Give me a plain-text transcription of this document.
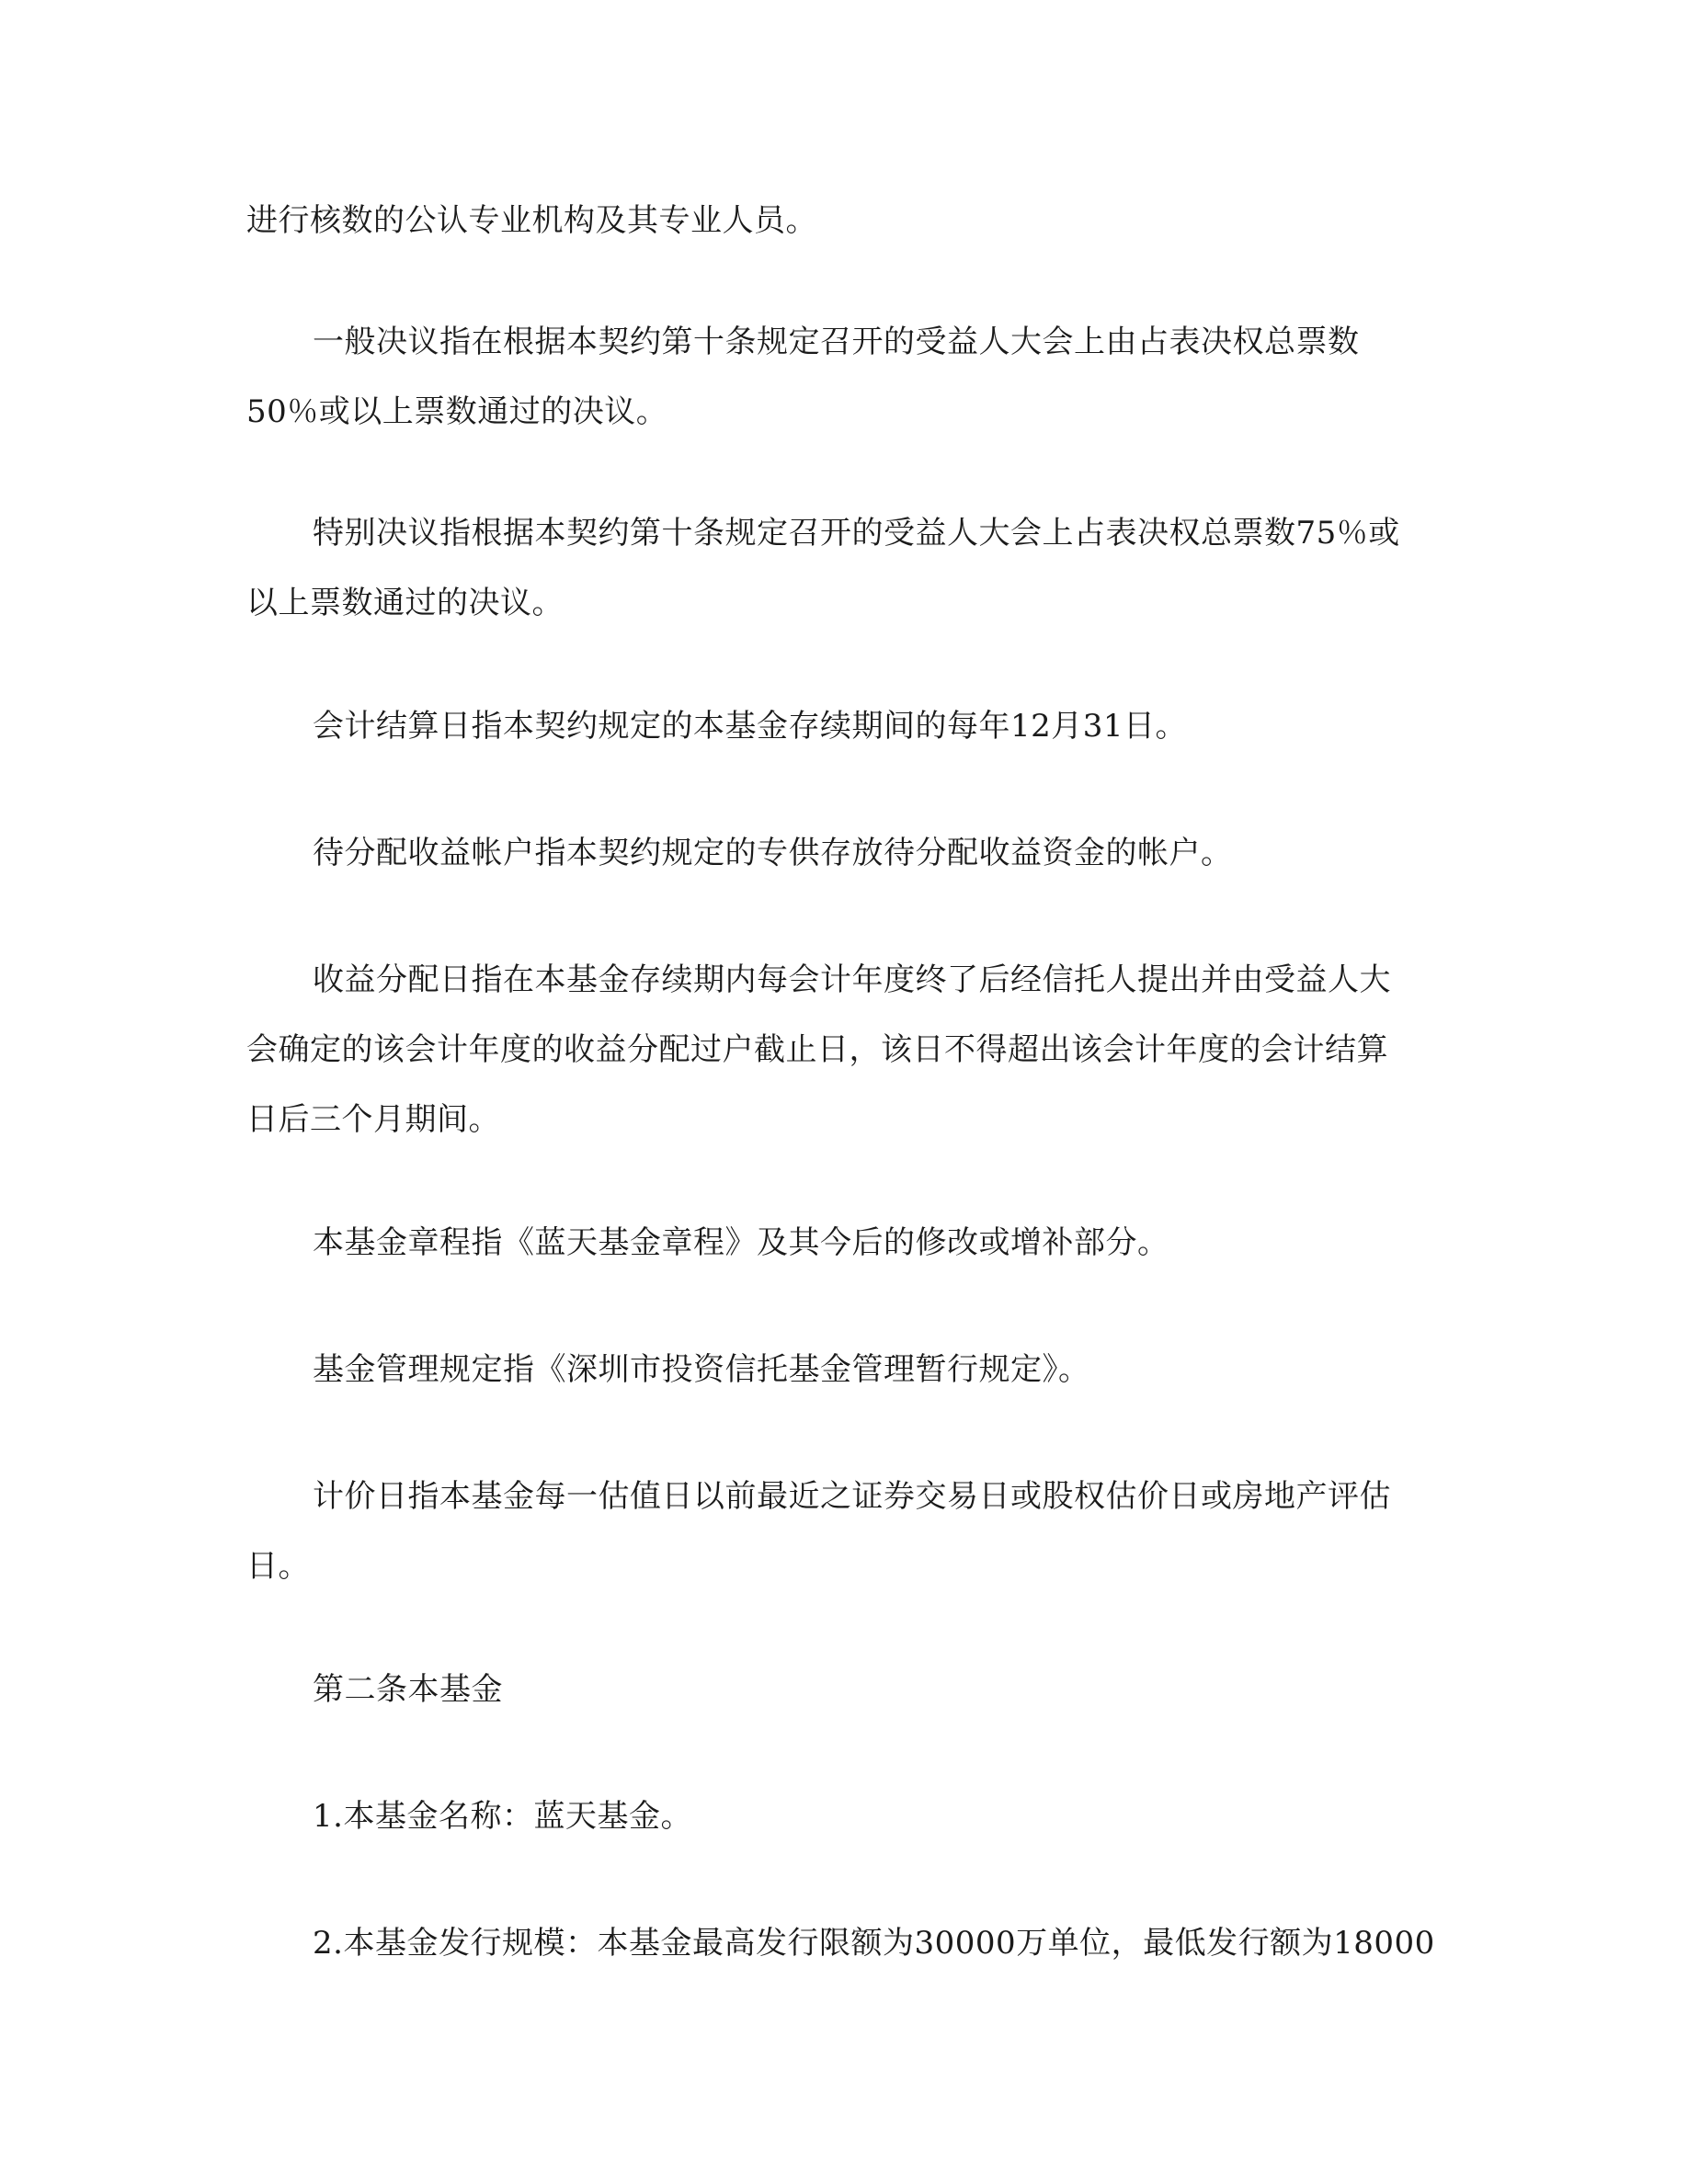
进行核数的公认专业机构及其专业人员。
一般决议指在根据本契约第十条规定召开的受益人大会上由占表决权总票数
50％或以上票数通过的决议。
特别决议指根据本契约第十条规定召开的受益人大会上占表决权总票数75％或
以上票数通过的决议。
会计结算日指本契约规定的本基金存续期间的每年12月31日。
待分配收益帐户指本契约规定的专供存放待分配收益资金的帐户。
收益分配日指在本基金存续期内每会计年度终了后经信托人提出并由受益人大
会确定的该会计年度的收益分配过户截止日，该日不得超出该会计年度的会计结算
日后三个月期间。
本基金章程指《蓝天基金章程》及其今后的修改或增补部分。
基金管理规定指《深圳市投资信托基金管理暂行规定》。
计价日指本基金每一估值日以前最近之证券交易日或股权估价日或房地产评估
日。
第二条本基金
1.本基金名称：蓝天基金。
2.本基金发行规模：本基金最高发行限额为30000万单位，最低发行额为18000
